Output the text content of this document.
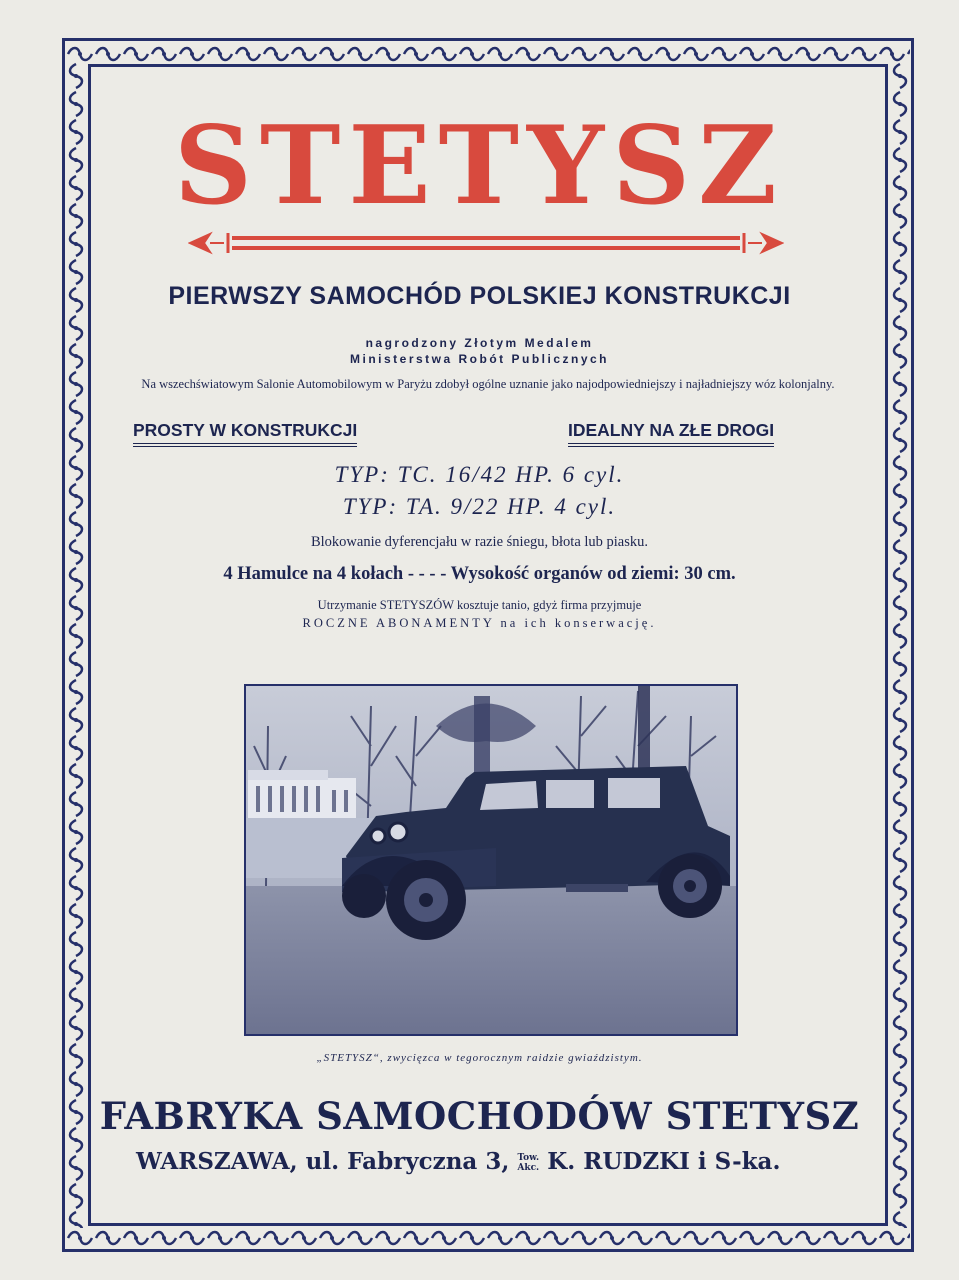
STETYSZ
PIERWSZY SAMOCHÓD POLSKIEJ KONSTRUKCJI
nagrodzony Złotym Medalem
Ministerstwa Robót Publicznych
Na wszechświatowym Salonie Automobilowym w Paryżu zdobył ogólne uznanie jako najodpowiedniejszy i najładniejszy wóz kolonjalny.
PROSTY W KONSTRUKCJI	IDEALNY NA ZŁE DROGI
TYP: TC. 16/42 HP. 6 cyl.
TYP: TA. 9/22 HP. 4 cyl.
Blokowanie dyferencjału w razie śniegu, błota lub piasku.
4 Hamulce na 4 kołach - - - - Wysokość organów od ziemi: 30 cm.
Utrzymanie STETYSZÓW kosztuje tanio, gdyż firma przyjmuje
ROCZNE ABONAMENTY na ich konserwację.
„STETYSZ“, zwycięzca w tegorocznym raidzie gwiaździstym.
FABRYKA SAMOCHODÓW STETYSZ
WARSZAWA, ul. Fabryczna 3, Tow.
Akc. K. RUDZKI i S-ka.
